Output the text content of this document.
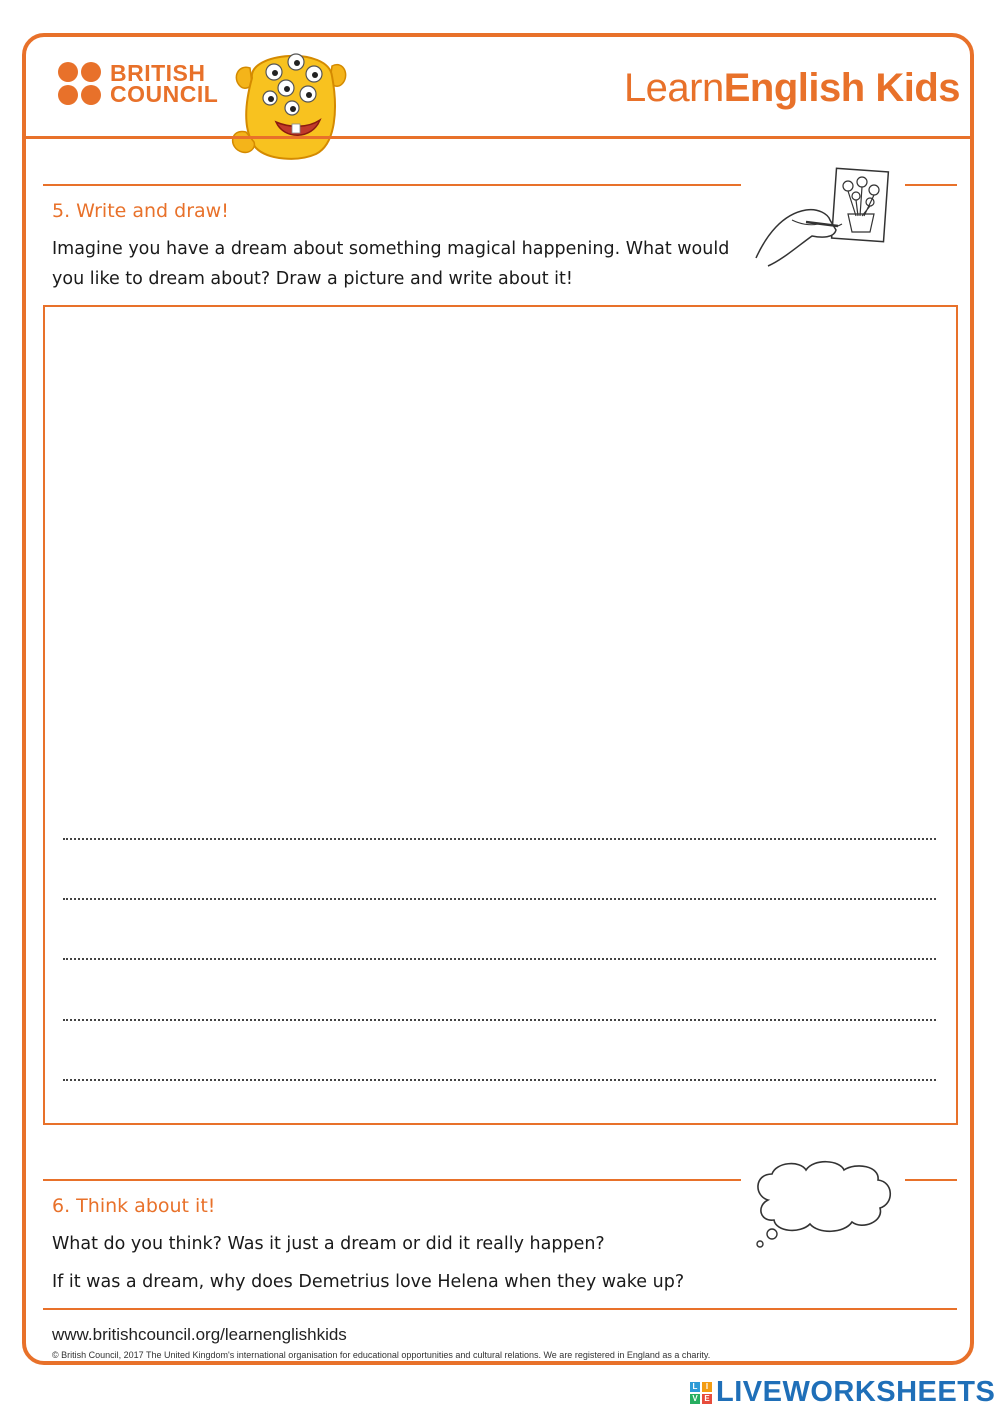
BRITISH
COUNCIL	LearnEnglish Kids
5. Write and draw!
Imagine you have a dream about something magical happening. What would
you like to dream about? Draw a picture and write about it!
6. Think about it!
What do you think? Was it just a dream or did it really happen?
If it was a dream, why does Demetrius love Helena when they wake up?
www.britishcouncil.org/learnenglishkids
© British Council, 2017 The United Kingdom's international organisation for educational opportunities and cultural relations. We are registered in England as a charity.
L	I
V E LIVEWORKSHEETS
